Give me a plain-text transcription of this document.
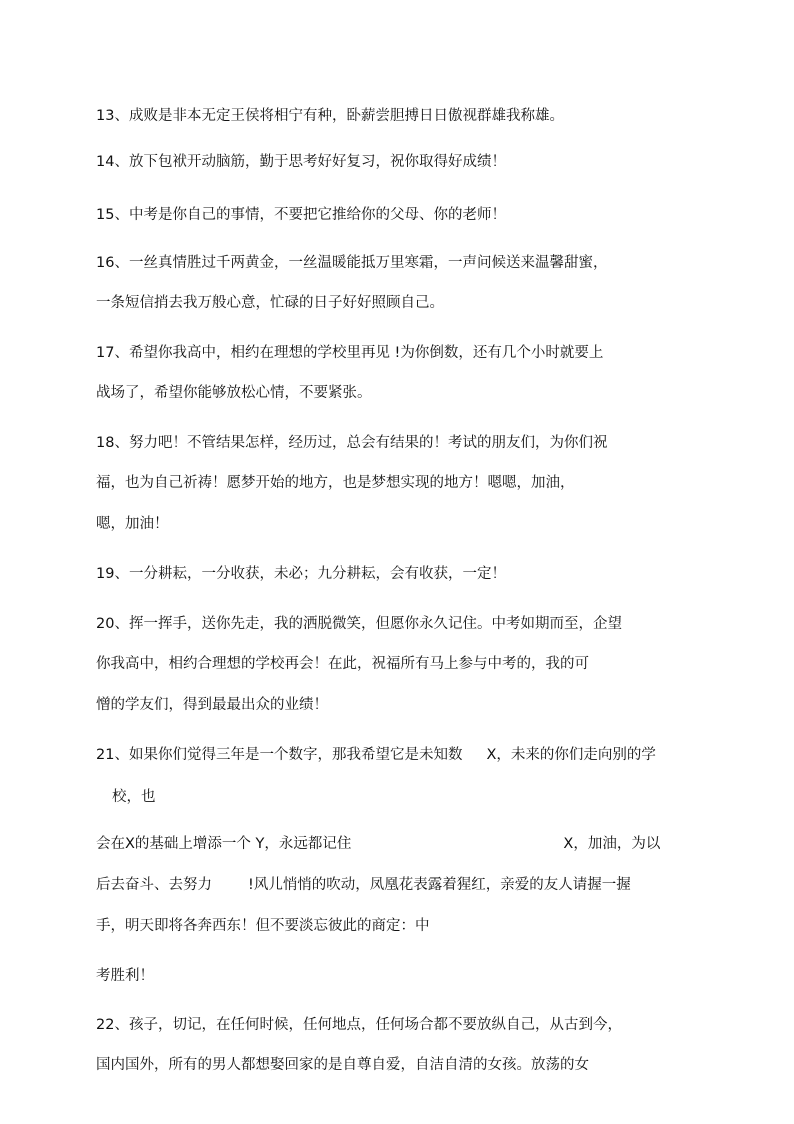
13、成败是非本无定王侯将相宁有种，卧薪尝胆搏日日傲视群雄我称雄。

14、放下包袱开动脑筋，勤于思考好好复习，祝你取得好成绩！

15、中考是你自己的事情，不要把它推给你的父母、你的老师！

16、一丝真情胜过千两黄金，一丝温暖能抵万里寒霜，一声问候送来温馨甜蜜，

一条短信捎去我万般心意，忙碌的日子好好照顾自己。

17、希望你我高中，相约在理想的学校里再见 !为你倒数，还有几个小时就要上

战场了，希望你能够放松心情，不要紧张。

18、努力吧！不管结果怎样，经历过，总会有结果的！考试的朋友们，为你们祝

福，也为自己祈祷！愿梦开始的地方，也是梦想实现的地方！嗯嗯，加油，

嗯，加油！

19、一分耕耘，一分收获，未必；九分耕耘，会有收获，一定！

20、挥一挥手，送你先走，我的洒脱微笑，但愿你永久记住。中考如期而至，企望

你我高中，相约合理想的学校再会！在此，祝福所有马上参与中考的，我的可

憎的学友们，得到最最出众的业绩！

21、如果你们觉得三年是一个数字，那我希望它是未知数 X，未来的你们走向别的学

校，也

会在X的基础上增添一个 Y，永远都记住	X，加油，为以

后去奋斗、去努力 !风儿悄悄的吹动，凤凰花表露着猩红，亲爱的友人请握一握

手，明天即将各奔西东！但不要淡忘彼此的商定：中

考胜利！

22、孩子，切记，在任何时候，任何地点，任何场合都不要放纵自己，从古到今，

国内国外，所有的男人都想娶回家的是自尊自爱，自洁自清的女孩。放荡的女
